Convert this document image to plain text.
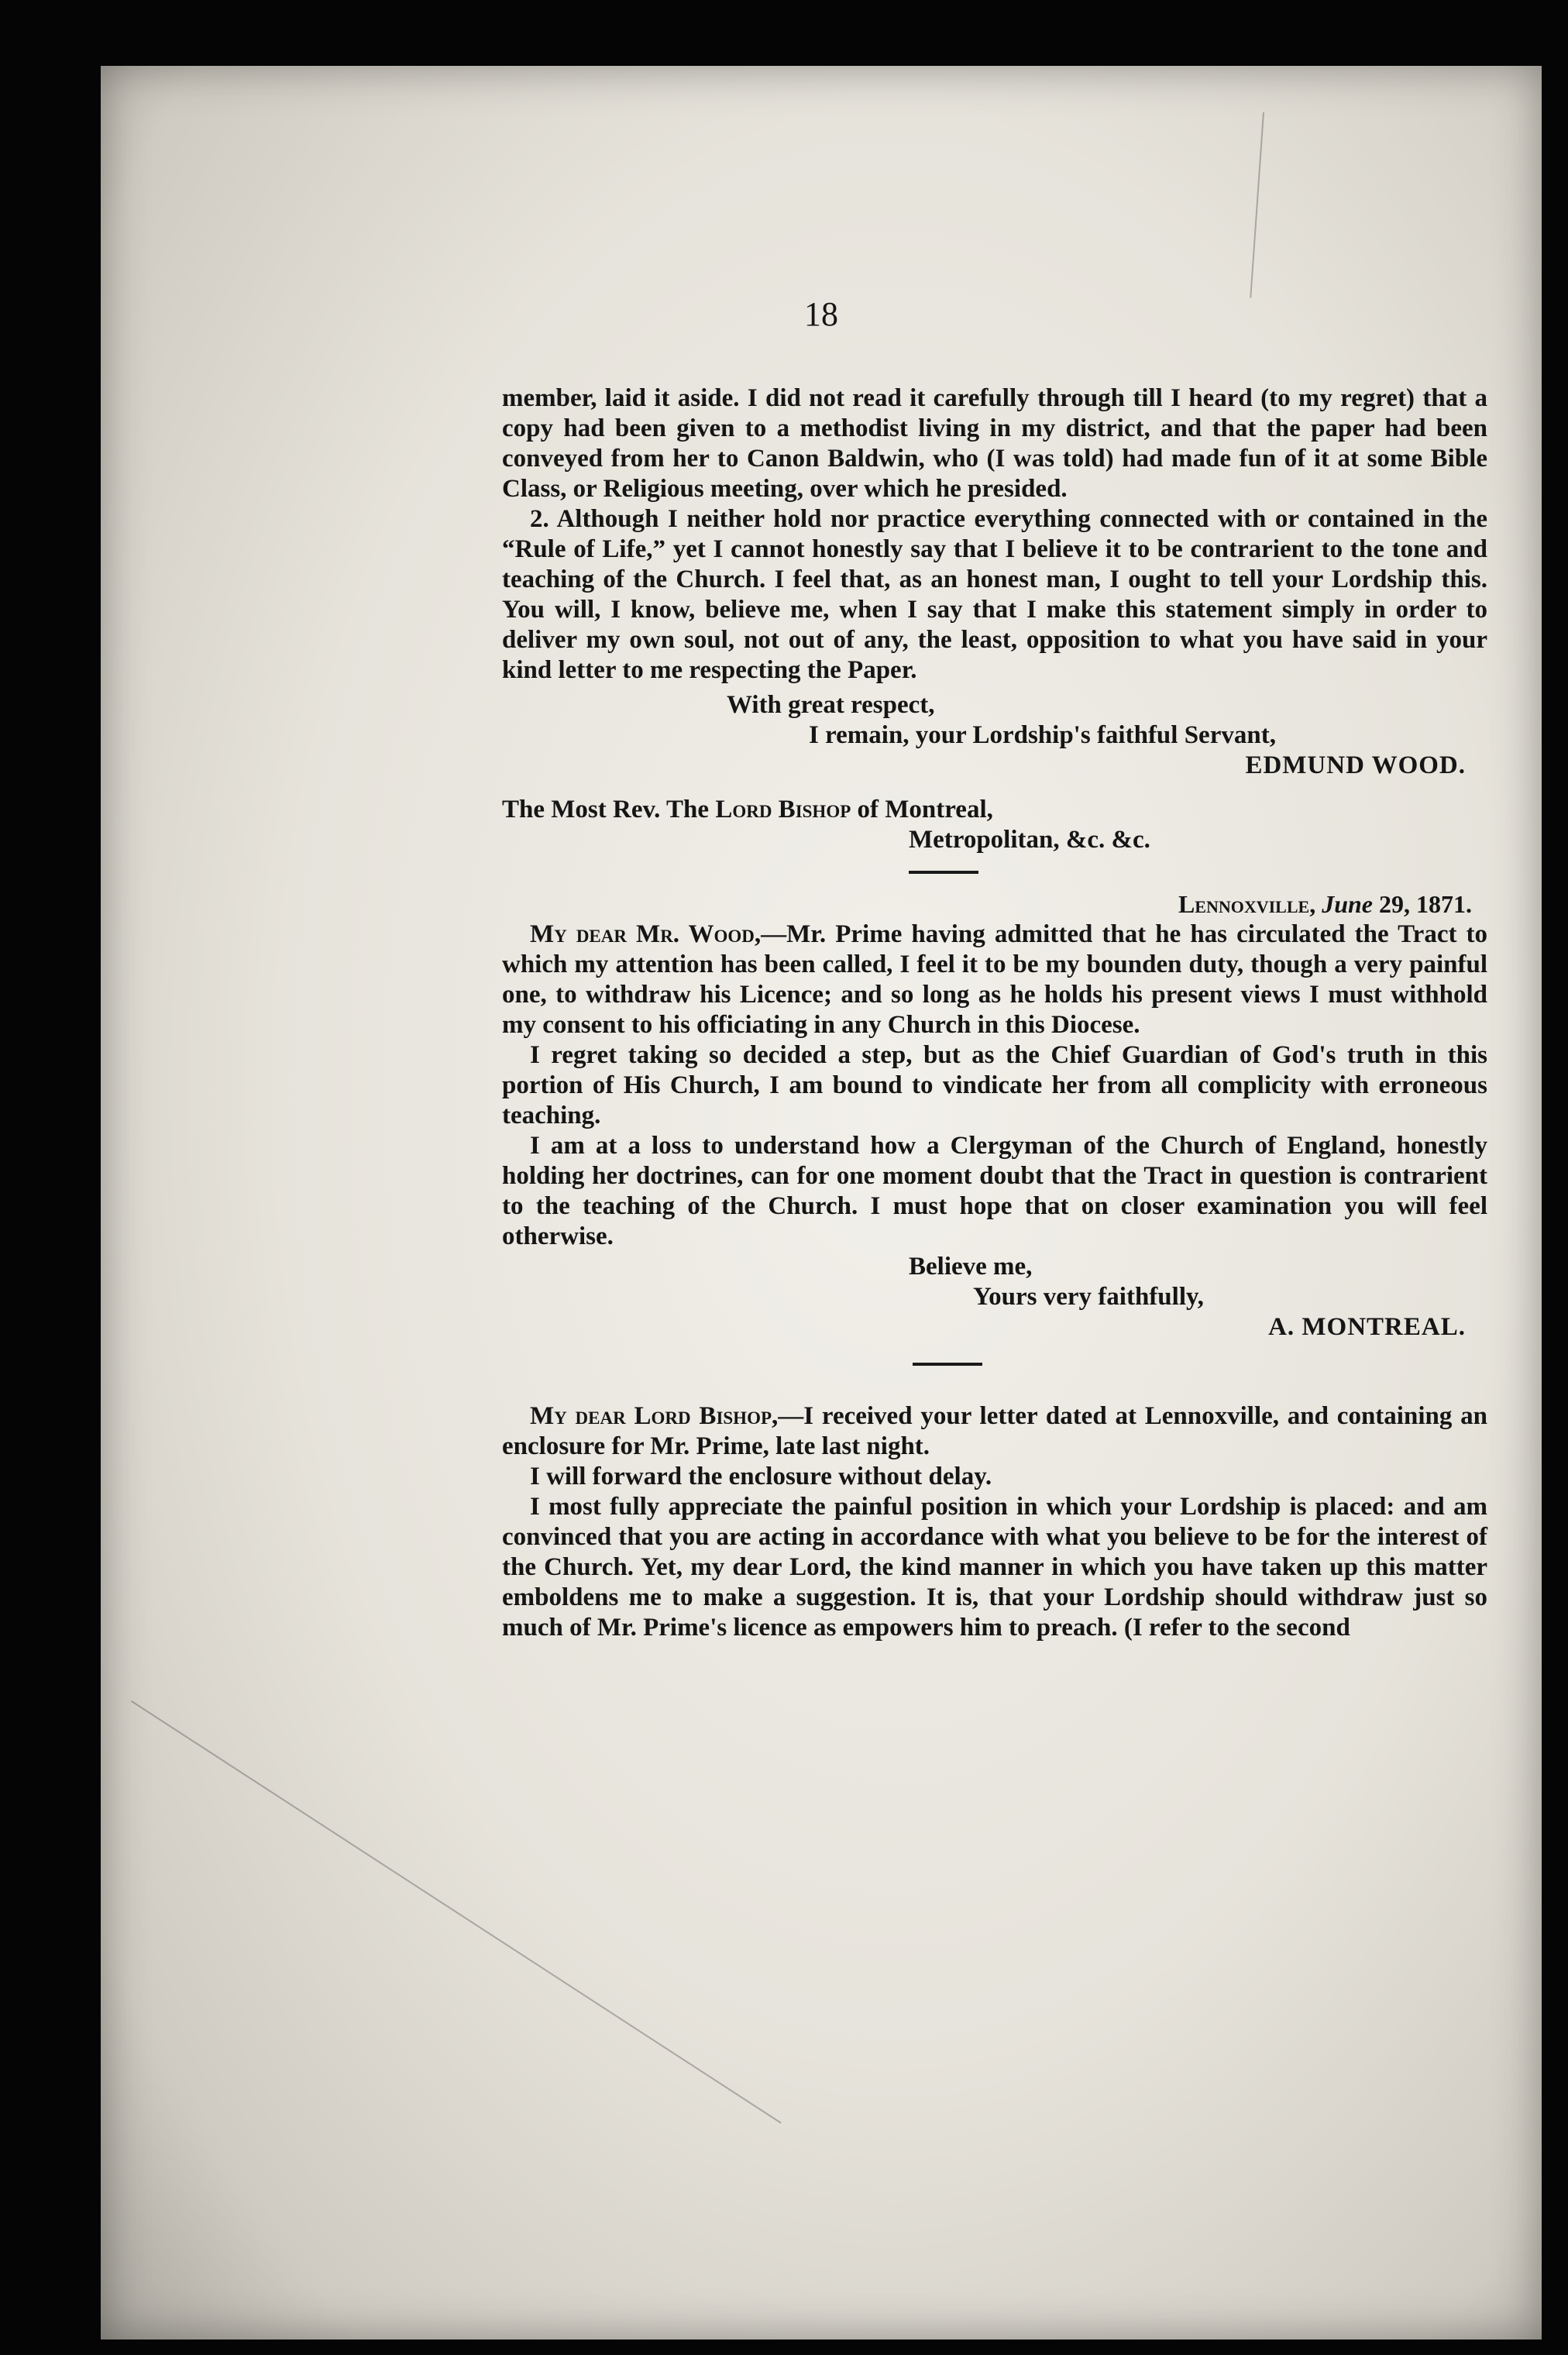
18

member, laid it aside. I did not read it carefully through till I heard (to my regret) that a copy had been given to a methodist living in my district, and that the paper had been conveyed from her to Canon Baldwin, who (I was told) had made fun of it at some Bible Class, or Religious meeting, over which he presided.

2. Although I neither hold nor practice everything connected with or contained in the “Rule of Life,” yet I cannot honestly say that I believe it to be contrarient to the tone and teaching of the Church. I feel that, as an honest man, I ought to tell your Lordship this. You will, I know, believe me, when I say that I make this statement simply in order to deliver my own soul, not out of any, the least, opposition to what you have said in your kind letter to me respecting the Paper.

With great respect,

I remain, your Lordship's faithful Servant,

EDMUND WOOD.

The Most Rev. The Lord Bishop of Montreal,

Metropolitan, &c. &c.

Lennoxville, June 29, 1871.

My dear Mr. Wood,—Mr. Prime having admitted that he has circulated the Tract to which my attention has been called, I feel it to be my bounden duty, though a very painful one, to withdraw his Licence; and so long as he holds his present views I must withhold my consent to his officiating in any Church in this Diocese.

I regret taking so decided a step, but as the Chief Guardian of God's truth in this portion of His Church, I am bound to vindicate her from all complicity with erroneous teaching.

I am at a loss to understand how a Clergyman of the Church of England, honestly holding her doctrines, can for one moment doubt that the Tract in question is contrarient to the teaching of the Church. I must hope that on closer examination you will feel otherwise.

Believe me,

Yours very faithfully,

A. MONTREAL.

My dear Lord Bishop,—I received your letter dated at Lennoxville, and containing an enclosure for Mr. Prime, late last night.

I will forward the enclosure without delay.

I most fully appreciate the painful position in which your Lordship is placed: and am convinced that you are acting in accordance with what you believe to be for the interest of the Church. Yet, my dear Lord, the kind manner in which you have taken up this matter emboldens me to make a suggestion. It is, that your Lordship should withdraw just so much of Mr. Prime's licence as empowers him to preach. (I refer to the second
